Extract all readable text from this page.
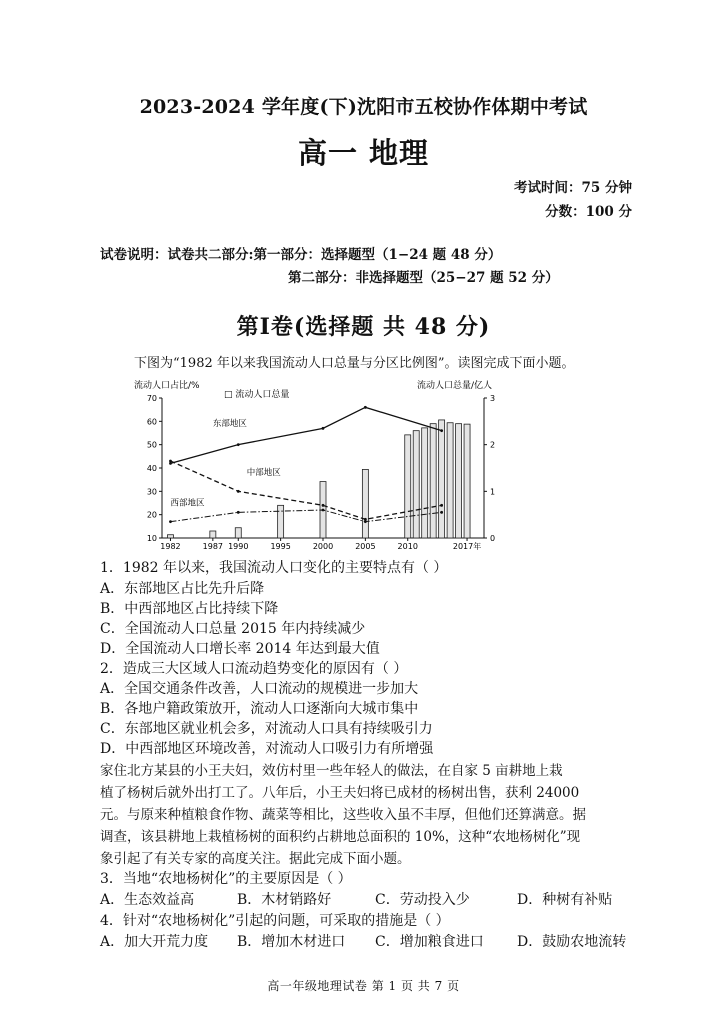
2023-2024 学年度(下)沈阳市五校协作体期中考试
高一 地理
考试时间：75 分钟
分数：100 分
试卷说明：试卷共二部分:第一部分：选择题型（1−24 题 48 分）
第二部分：非选择题型（25−27 题 52 分）
第Ⅰ卷(选择题 共 48 分)
下图为“1982 年以来我国流动人口总量与分区比例图”。读图完成下面小题。
流动人口占比/%	流动人口总量/亿人
□ 流动人口总量
70
60
50
40
30
20
10
3
2
1
0
1982	1987 1990	1995	2000	2005	2010	2017年
东部地区
中部地区
西部地区
1．1982 年以来，我国流动人口变化的主要特点有（ ）
A．东部地区占比先升后降
B．中西部地区占比持续下降
C．全国流动人口总量 2015 年内持续减少
D．全国流动人口增长率 2014 年达到最大值
2．造成三大区域人口流动趋势变化的原因有（ ）
A．全国交通条件改善，人口流动的规模进一步加大
B．各地户籍政策放开，流动人口逐渐向大城市集中
C．东部地区就业机会多，对流动人口具有持续吸引力
D．中西部地区环境改善，对流动人口吸引力有所增强
家住北方某县的小王夫妇，效仿村里一些年轻人的做法，在自家 5 亩耕地上栽
植了杨树后就外出打工了。八年后，小王夫妇将已成材的杨树出售，获利 24000
元。与原来种植粮食作物、蔬菜等相比，这些收入虽不丰厚，但他们还算满意。据
调查，该县耕地上栽植杨树的面积约占耕地总面积的 10%，这种“农地杨树化”现
象引起了有关专家的高度关注。据此完成下面小题。
3．当地“农地杨树化”的主要原因是（ ）
A．生态效益高	B．木材销路好	C．劳动投入少	D．种树有补贴
4．针对“农地杨树化”引起的问题，可采取的措施是（ ）
A．加大开荒力度 B．增加木材进口 C．增加粮食进口 D．鼓励农地流转
高一年级地理试卷 第 1 页 共 7 页
